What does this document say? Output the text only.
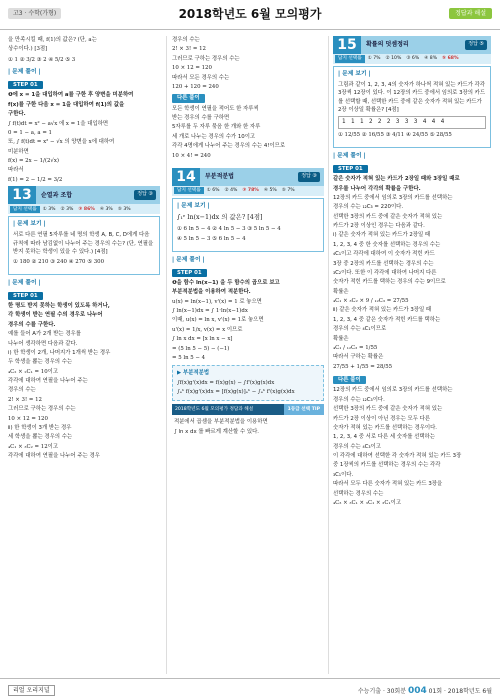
고3 · 수학(가형)	2018학년도 6월 모의평가	정답과 해설

을 만족시킬 때, f(1)의 값은? (단, a는

상수이다.) [3점]

① 1 ② 3/2 ③ 2 ④ 5/2 ⑤ 3
| 문제 풀이 |
STEP 01

❶에 x = 1을 대입하여 a를 구한 후 양변을 미분하여

f(x)를 구한 다음 x = 1을 대입하여 f(1)의 값을

구한다.

∫ f(t)dt = x² − a√x 에 x = 1을 대입하면

0 = 1 − a, a = 1

또, ∫ f(t)dt = x² − √x 의 양변을 x에 대하여

미분하면

f(x) = 2x − 1/(2√x)

따라서

f(1) = 2 − 1/2 = 3/2

13	순열과 조합	정답 ③
답지 선택률	① 3% ② 3% ③ 86% ④ 3% ⑤ 3%
| 문제 보기 |

서로 다른 연필 5자루를 네 명의 학생 A, B, C, D에게 다음 규칙에 따라 남김없이 나누어 주는 경우의 수는? (단, 연필을 받지 못하는 학생이 있을 수 있다.) [4점]

① 180 ② 210 ③ 240 ④ 270 ⑤ 300
| 문제 풀이 |
STEP 01

한 명도 받지 못하는 학생이 있도록 하거나,

각 학생이 받는 연필 수의 경우로 나누어

경우의 수를 구한다.

예를 들어 A가 2개 받는 경우를

나누어 생각하면 다음과 같다.

ⅰ) 한 학생이 2개, 나머지가 1개씩 받는 경우

두 학생을 뽑는 경우의 수는

₄C₂ × ₂C₁ = 10이고

각각에 대하여 연필을 나누어 주는

경우의 수는

2! × 3! = 12

그러므로 구하는 경우의 수는

10 × 12 = 120

ⅱ) 한 학생이 3개 받는 경우

세 학생을 뽑는 경우의 수는

₄C₁ × ₃C₂ = 12이고

각각에 대하여 연필을 나누어 주는 경우

경우의 수는

2! × 3! = 12

그러므로 구하는 경우의 수는

10 × 12 = 120

따라서 모든 경우의 수는

120 + 120 = 240

다른 풀이

모든 학생이 연필을 적어도 한 자루씩

받는 경우의 수를 구하면

5자루를 두 자루 묶음 한 개와 한 자루

세 개로 나누는 경우의 수가 10이고

각각 4명에게 나누어 주는 경우의 수는 4!이므로

10 × 4! = 240

14	부분적분법	정답 ③
답지 선택률	① 6% ② 4% ③ 78% ④ 5% ⑤ 7%
| 문제 보기 |

∫₁ᵉ ln(x−1)dx 의 값은? [4점]

① 6 ln 5 − 4 ② 4 ln 5 − 3 ③ 5 ln 5 − 4
④ 5 ln 5 − 3 ⑤ 6 ln 5 − 4
| 문제 풀이 |
STEP 01

❶을 함수 ln(x−1) 을 두 함수의 곱으로 보고

부분적분법을 이용하여 적분한다.

u(x) = ln(x−1), v'(x) = 1 로 놓으면

∫ ln(x−1)dx = ∫ 1·ln(x−1)dx

이때, u(x) = ln x, v'(x) = 1로 놓으면

u'(x) = 1/x, v(x) = x 이므로

∫ ln x dx = [x ln x − x]

= (5 ln 5 − 5) − (−1)

= 5 ln 5 − 4

▶ 부분적분법

∫f(x)g'(x)dx = f(x)g(x) − ∫f'(x)g(x)dx

∫ₐᵇ f(x)g'(x)dx = [f(x)g(x)]ₐᵇ − ∫ₐᵇ f'(x)g(x)dx

2018학년도 6월 모의평가 정답과 해설	1등급 선택 TIP

적분에서 곱셈을 부분적분법을 이용하면

∫ ln x dx 를 빠르게 계산할 수 있다.

15	확률의 덧셈정리	정답 ⑤
답지 선택률	① 7% ② 10% ③ 6% ④ 8% ⑤ 68%
| 문제 보기 |

그림과 같이 1, 2, 3, 4의 숫자가 하나씩 적혀 있는 카드가 각각 3장씩 12장이 있다. 이 12장의 카드 중에서 임의로 3장의 카드를 선택할 때, 선택한 카드 중에 같은 숫자가 적혀 있는 카드가 2장 이상일 확률은? [4점]

1 1 1 2 2 2 3 3 3 4 4 4
① 12/55 ② 16/55 ③ 4/11 ④ 24/55 ⑤ 28/55
| 문제 풀이 |
STEP 01

같은 숫자가 적혀 있는 카드가 2장일 때와 3장일 때로

경우를 나누어 각각의 확률을 구한다.

12장의 카드 중에서 임의로 3장의 카드를 선택하는

경우의 수는 ₁₂C₃ = 220이다.

선택한 3장의 카드 중에 같은 숫자가 적혀 있는

카드가 2장 이상인 경우는 다음과 같다.

ⅰ) 같은 숫자가 적혀 있는 카드가 2장일 때

1, 2, 3, 4 중 한 숫자를 선택하는 경우의 수는

₄C₁이고 각각에 대하여 이 숫자가 적힌 카드

3장 중 2장의 카드를 선택하는 경우의 수는

₃C₂이다. 또한 이 각각에 대하여 나머지 다른

숫자가 적힌 카드를 택하는 경우의 수는 9이므로

확률은

₄C₁ × ₃C₂ × 9 / ₁₂C₃ = 27/55

ⅱ) 같은 숫자가 적혀 있는 카드가 3장일 때

1, 2, 3, 4 중 같은 숫자가 적힌 카드를 택하는

경우의 수는 ₄C₁이므로

확률은

₄C₁ / ₁₂C₃ = 1/55

따라서 구하는 확률은

27/55 + 1/55 = 28/55

다른 풀이

12장의 카드 중에서 임의로 3장의 카드를 선택하는

경우의 수는 ₁₂C₃이다.

선택한 3장의 카드 중에 같은 숫자가 적혀 있는

카드가 2장 이상이 아닌 경우는 모두 다른

숫자가 적혀 있는 카드를 선택하는 경우이다.

1, 2, 3, 4 중 서로 다른 세 숫자를 선택하는

경우의 수는 ₄C₃이고

이 각각에 대하여 선택한 각 숫자가 적혀 있는 카드 3장

중 1장씩의 카드를 선택하는 경우의 수는 각각

₃C₁이다.

따라서 모두 다른 숫자가 적혀 있는 카드 3장을

선택하는 경우의 수는

₄C₃ × ₃C₁ × ₃C₁ × ₃C₁이고

리얼 오리지널	수능기출 · 30회분 004 01회 · 2018학년도 6월
